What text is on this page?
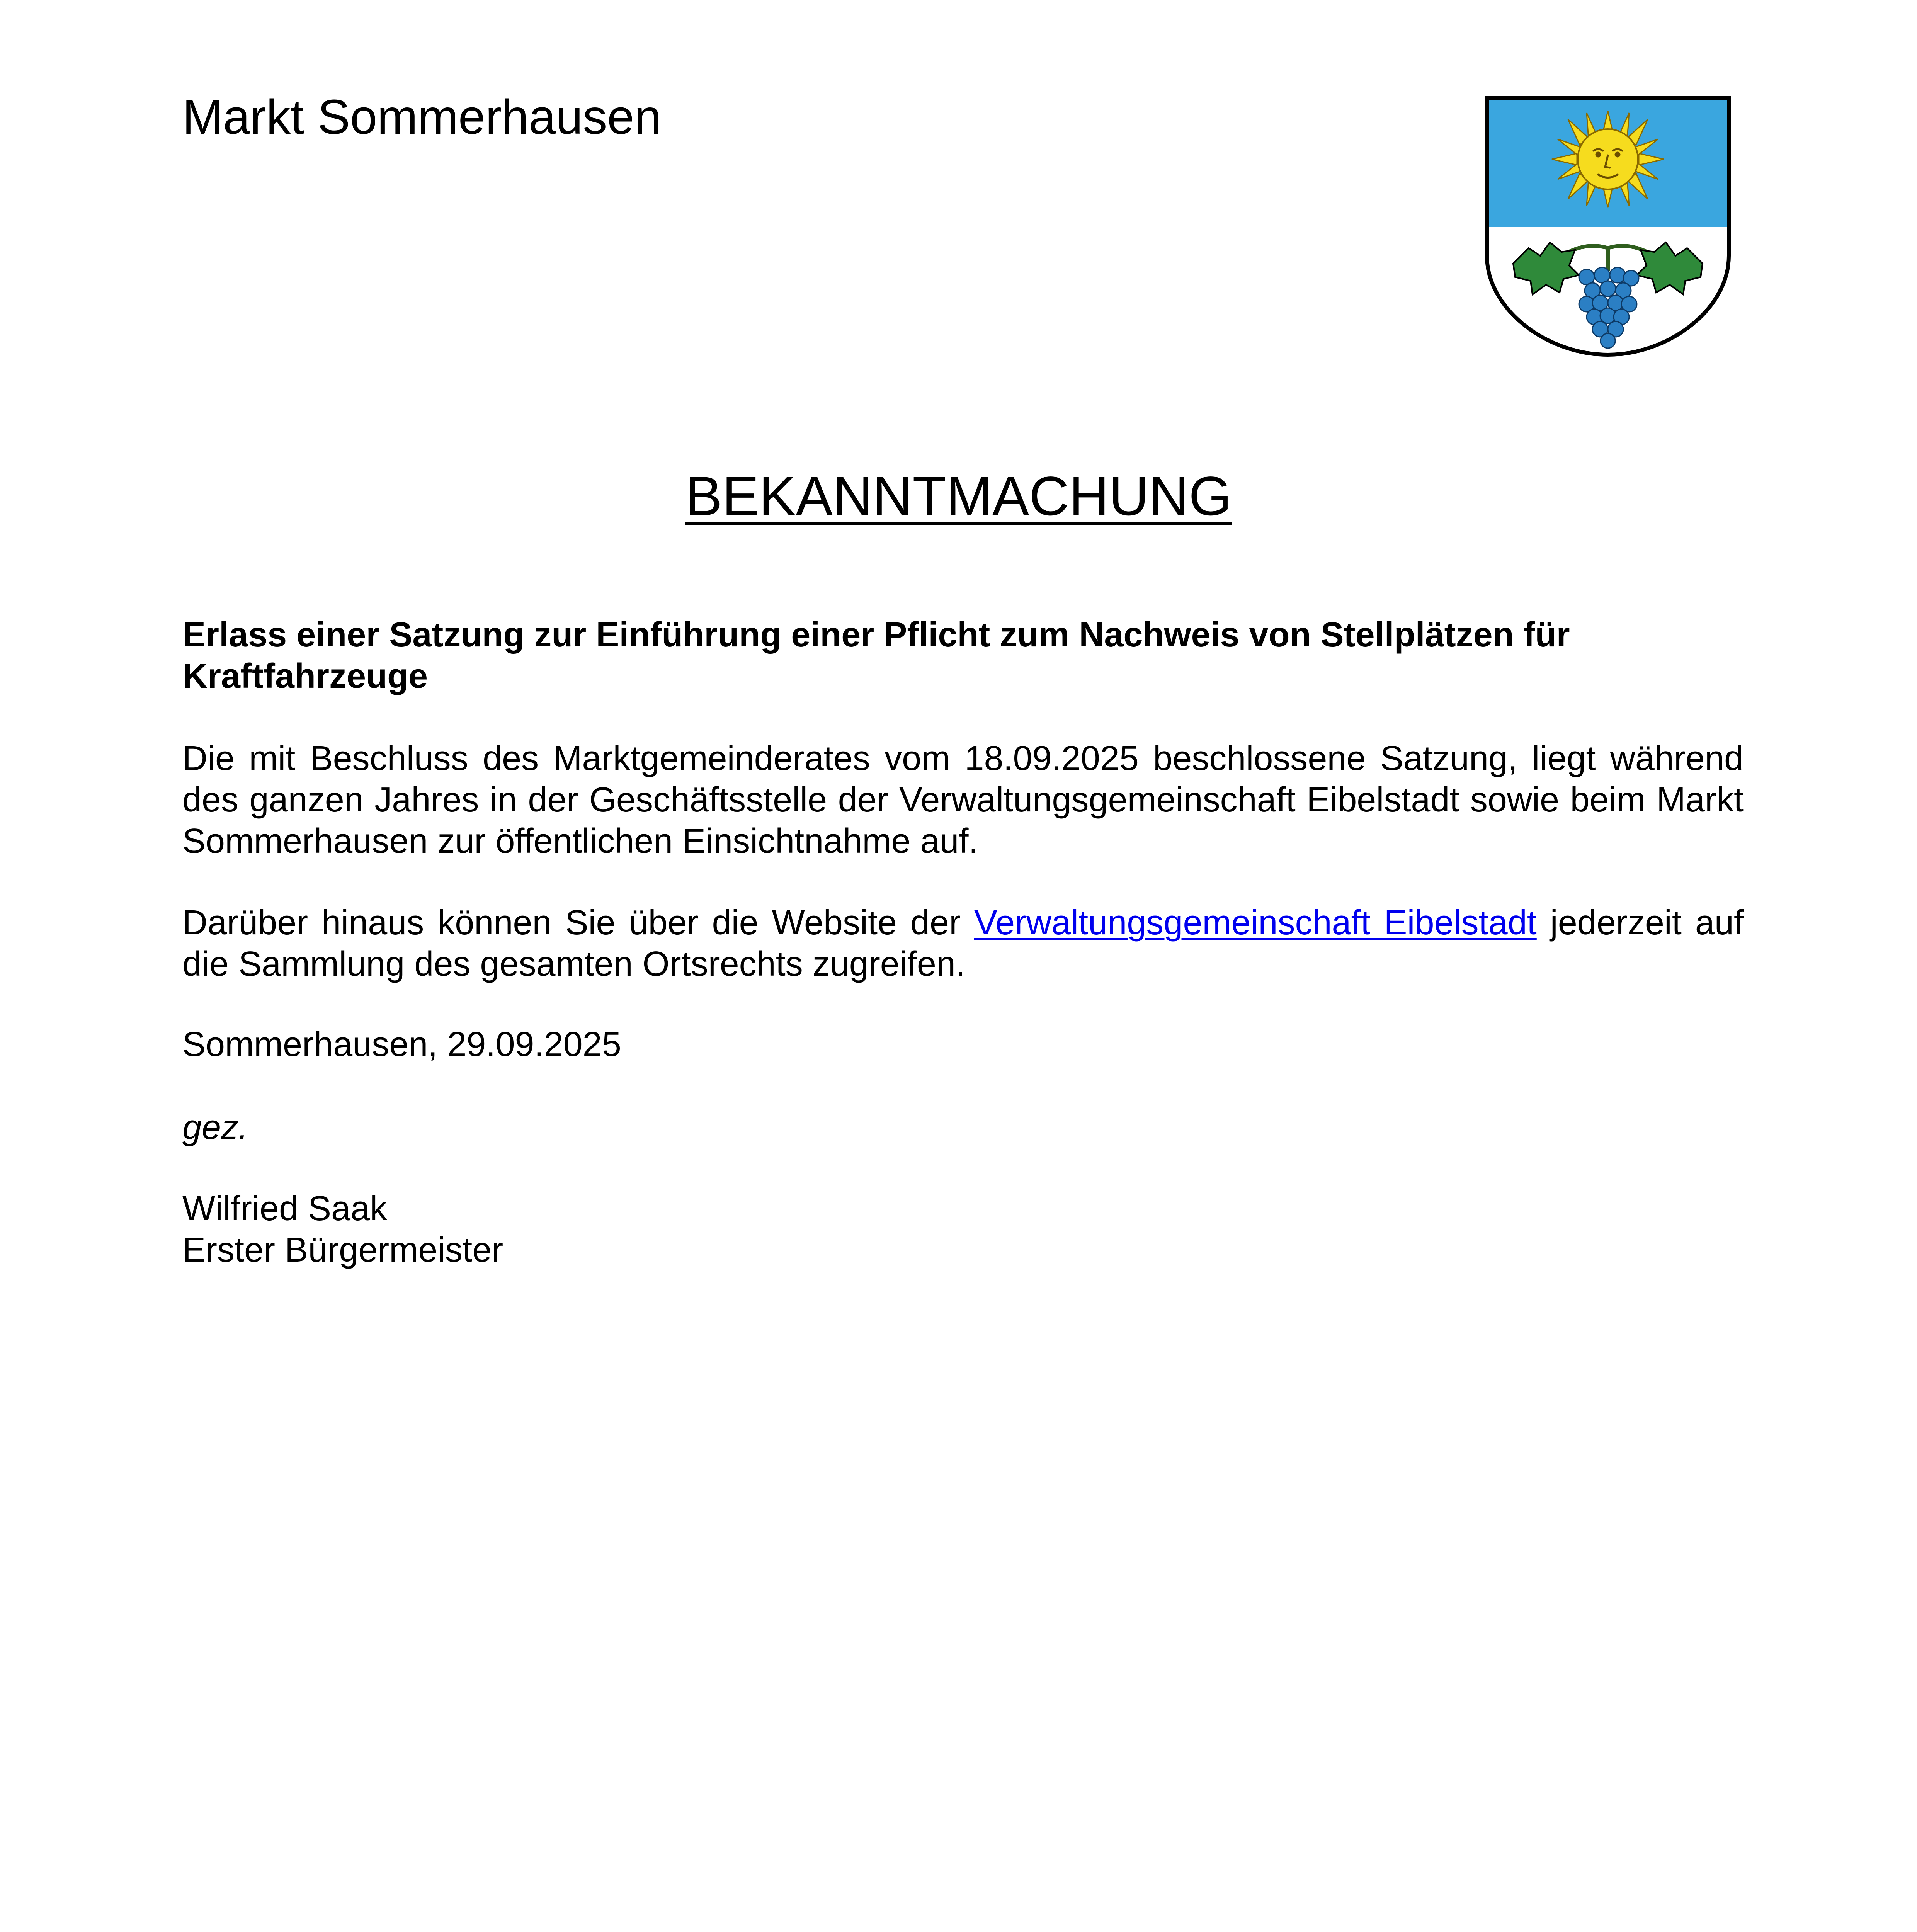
Markt Sommerhausen
BEKANNTMACHUNG

Erlass einer Satzung zur Einführung einer Pflicht zum Nachweis von Stellplätzen für Kraftfahrzeuge

Die mit Beschluss des Marktgemeinderates vom 18.09.2025 beschlossene Satzung, liegt während
des ganzen Jahres in der Geschäftsstelle der Verwaltungsgemeinschaft Eibelstadt sowie beim Markt
Sommerhausen zur öffentlichen Einsichtnahme auf.

Darüber hinaus können Sie über die Website der Verwaltungsgemeinschaft Eibelstadt jederzeit auf
die Sammlung des gesamten Ortsrechts zugreifen.

Sommerhausen, 29.09.2025

gez.

Wilfried Saak
Erster Bürgermeister
